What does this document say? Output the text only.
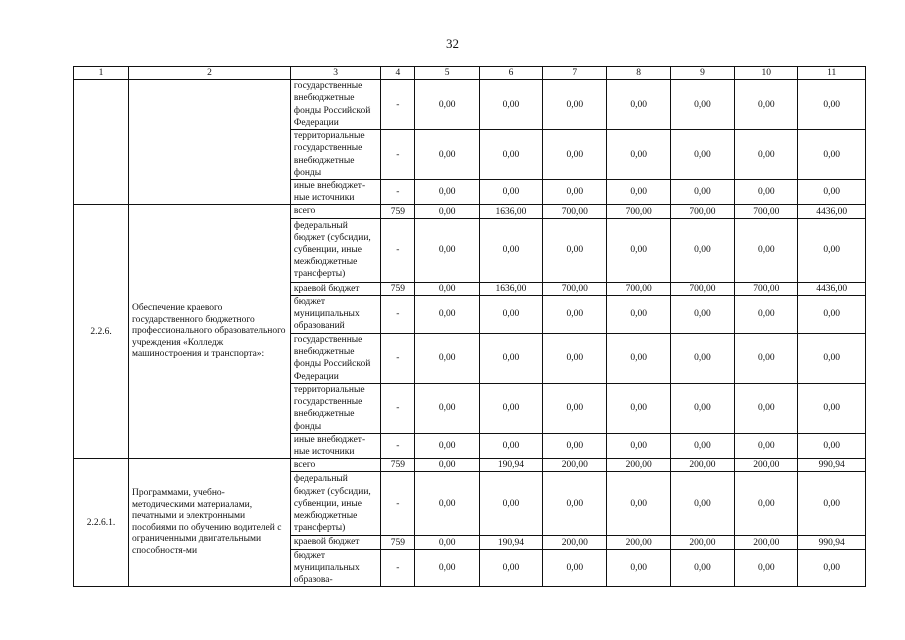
32
1	2	3	4	5	6	7	8	9	10	11
		государственные внебюджетные фонды Российской Федерации	-	0,00	0,00	0,00	0,00	0,00	0,00	0,00
		территориальные государственные внебюджетные фонды	-	0,00	0,00	0,00	0,00	0,00	0,00	0,00
		иные внебюджет-ные источники	-	0,00	0,00	0,00	0,00	0,00	0,00	0,00
2.2.6.	Обеспечение краевого государственного бюджетного профессионального образовательного учреждения «Колледж машиностроения и транспорта»:	всего	759	0,00	1636,00	700,00	700,00	700,00	700,00	4436,00
		федеральный бюджет (субсидии, субвенции, иные межбюджетные трансферты)	-	0,00	0,00	0,00	0,00	0,00	0,00	0,00
		краевой бюджет	759	0,00	1636,00	700,00	700,00	700,00	700,00	4436,00
		бюджет муниципальных образований	-	0,00	0,00	0,00	0,00	0,00	0,00	0,00
		государственные внебюджетные фонды Российской Федерации	-	0,00	0,00	0,00	0,00	0,00	0,00	0,00
		территориальные государственные внебюджетные фонды	-	0,00	0,00	0,00	0,00	0,00	0,00	0,00
		иные внебюджет-ные источники	-	0,00	0,00	0,00	0,00	0,00	0,00	0,00
2.2.6.1.	Программами, учебно-методическими материалами, печатными и электронными пособиями по обучению водителей с ограниченными двигательными способностя-ми	всего	759	0,00	190,94	200,00	200,00	200,00	200,00	990,94
		федеральный бюджет (субсидии, субвенции, иные межбюджетные трансферты)	-	0,00	0,00	0,00	0,00	0,00	0,00	0,00
		краевой бюджет	759	0,00	190,94	200,00	200,00	200,00	200,00	990,94
		бюджет муниципальных образова-	-	0,00	0,00	0,00	0,00	0,00	0,00	0,00
